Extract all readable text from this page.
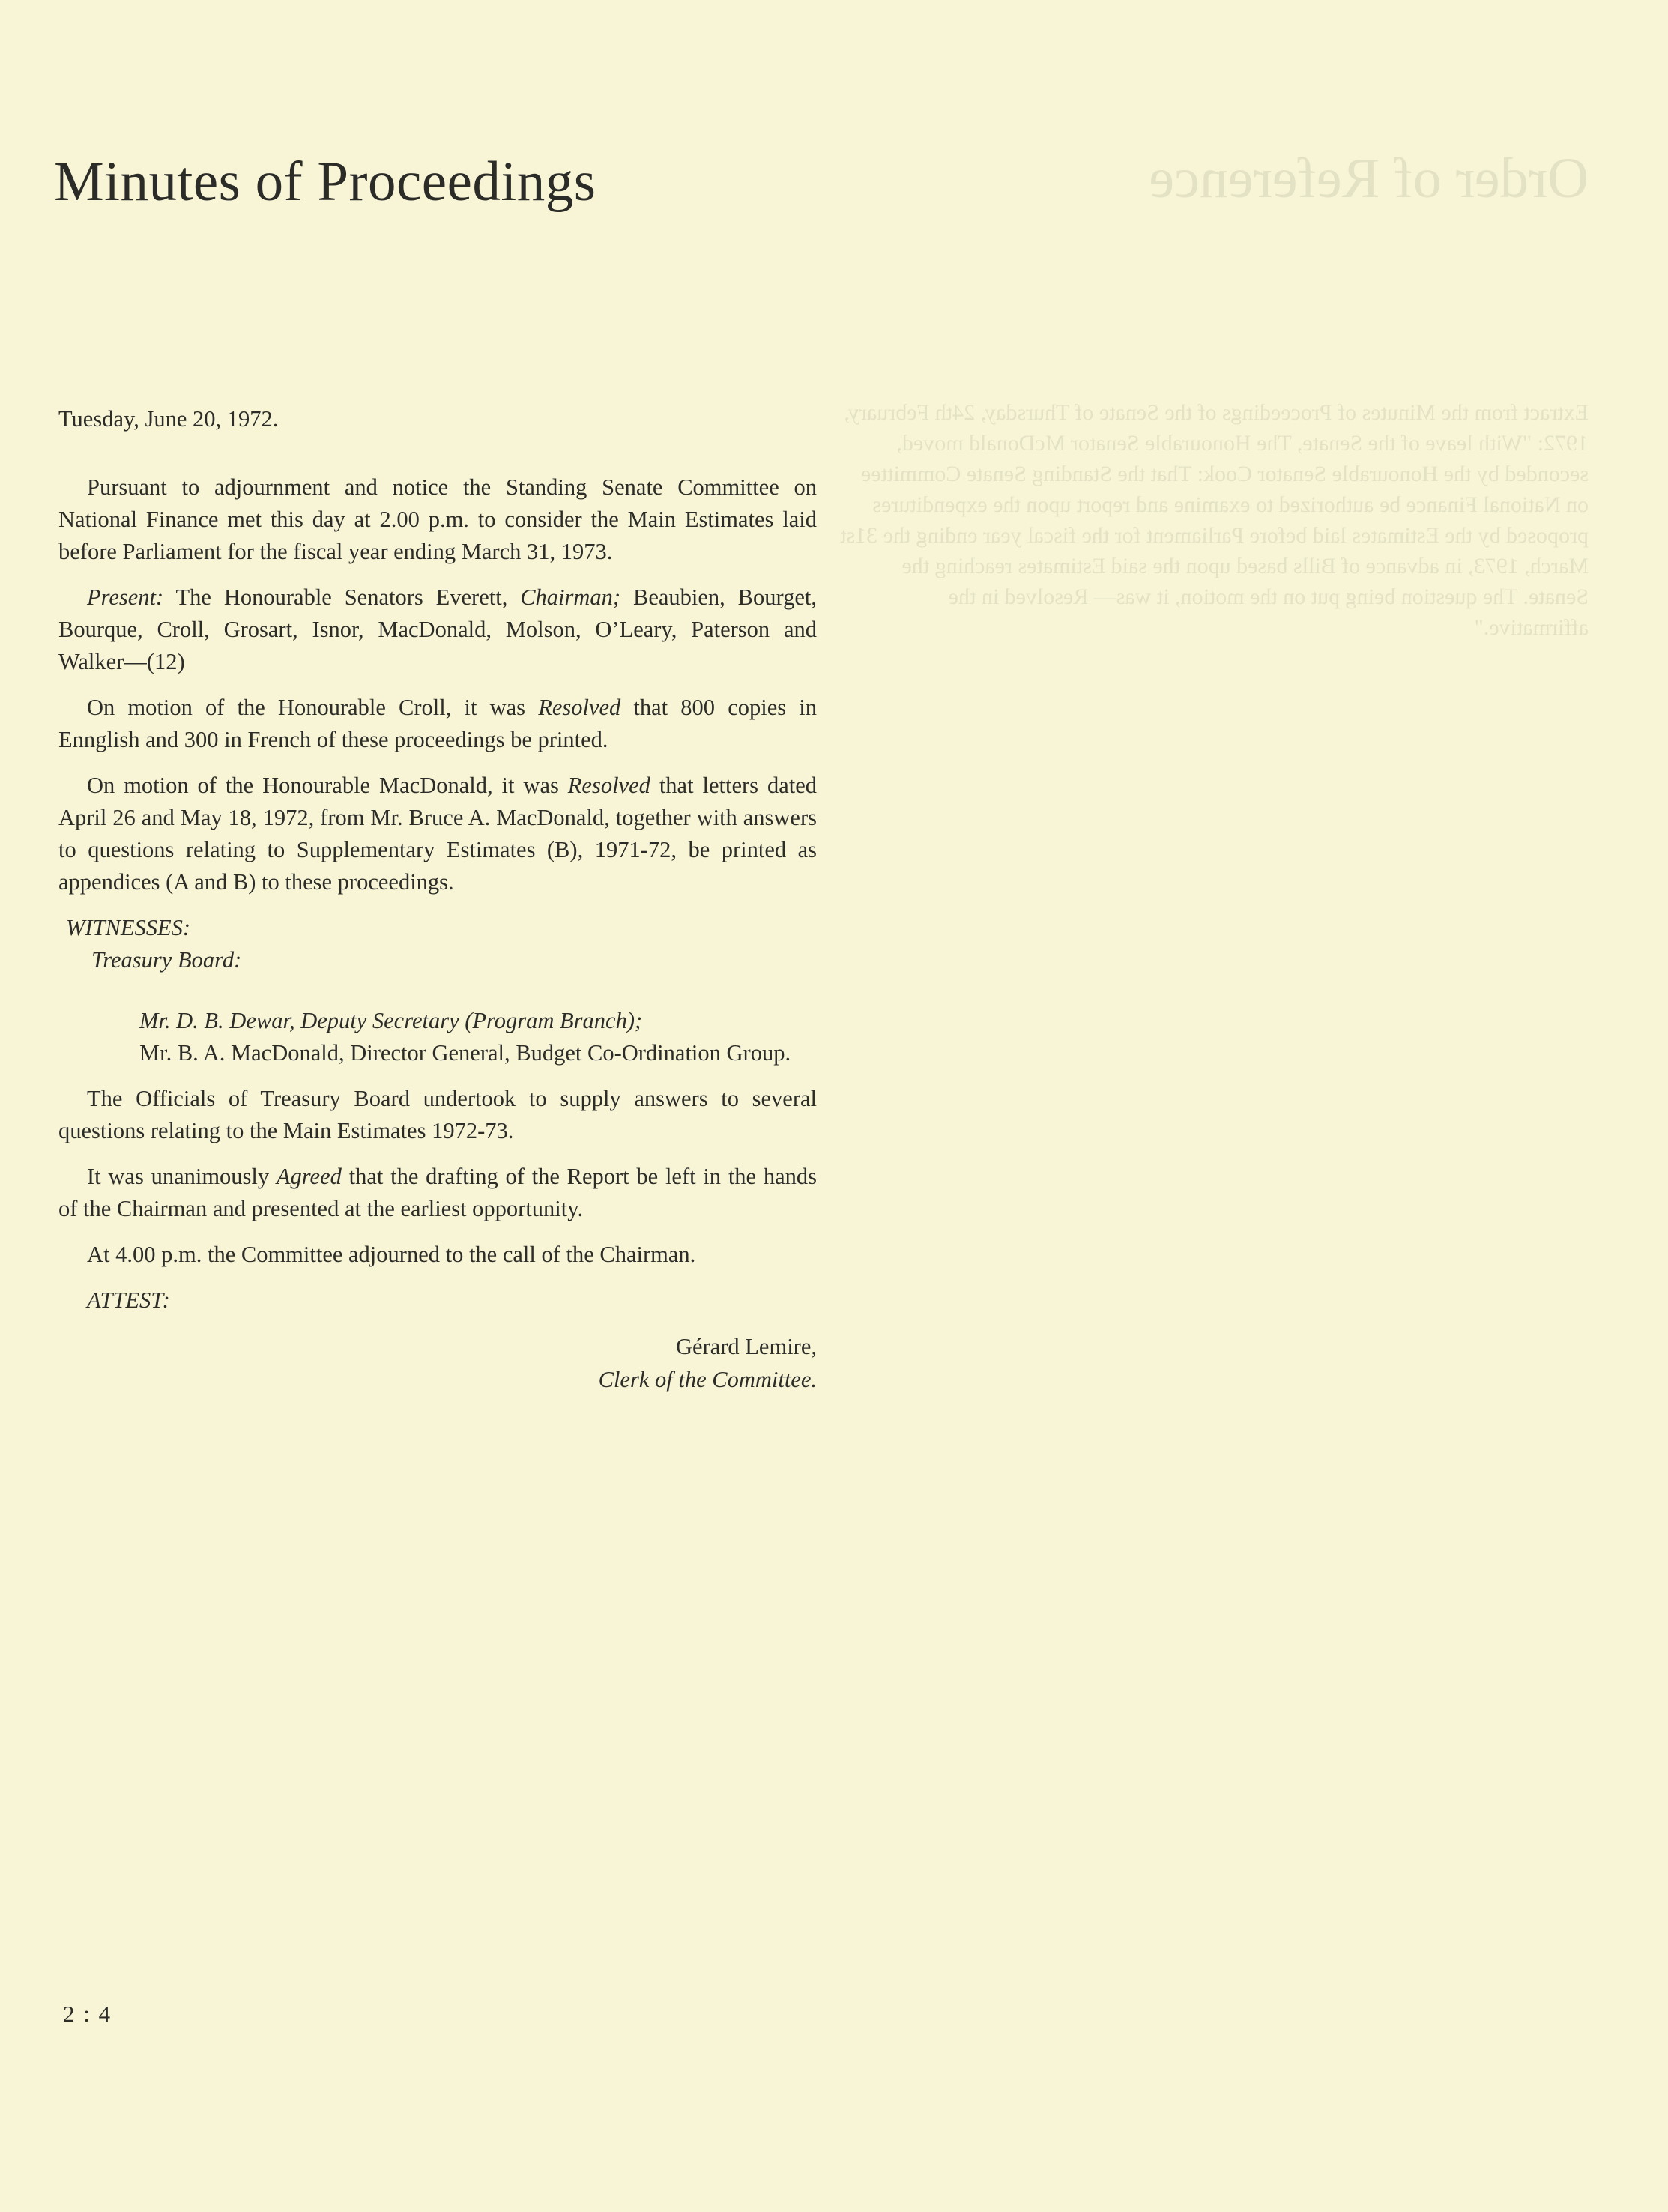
Order of Reference
Extract from the Minutes of Proceedings of the Senate of Thursday, 24th February, 1972: "With leave of the Senate, The Honourable Senator McDonald moved, seconded by the Honourable Senator Cook: That the Standing Senate Committee on National Finance be authorized to examine and report upon the expenditures proposed by the Estimates laid before Parliament for the fiscal year ending the 31st March, 1973, in advance of Bills based upon the said Estimates reaching the Senate. The question being put on the motion, it was— Resolved in the affirmative."
Minutes of Proceedings

Tuesday, June 20, 1972.

Pursuant to adjournment and notice the Standing Senate Committee on National Finance met this day at 2.00 p.m. to consider the Main Estimates laid before Parliament for the fiscal year ending March 31, 1973.

Present: The Honourable Senators Everett, Chairman; Beaubien, Bourget, Bourque, Croll, Grosart, Isnor, MacDonald, Molson, O’Leary, Paterson and Walker—(12)

On motion of the Honourable Croll, it was Resolved that 800 copies in Ennglish and 300 in French of these proceedings be printed.

On motion of the Honourable MacDonald, it was Resolved that letters dated April 26 and May 18, 1972, from Mr. Bruce A. MacDonald, together with answers to questions relating to Supplementary Estimates (B), 1971-72, be printed as appendices (A and B) to these proceedings.

WITNESSES:

Treasury Board:

Mr. D. B. Dewar, Deputy Secretary (Program Branch);
Mr. B. A. MacDonald, Director General, Budget Co-Ordination Group.

The Officials of Treasury Board undertook to supply answers to several questions relating to the Main Estimates 1972-73.

It was unanimously Agreed that the drafting of the Report be left in the hands of the Chairman and presented at the earliest opportunity.

At 4.00 p.m. the Committee adjourned to the call of the Chairman.

ATTEST:

Gérard Lemire,
Clerk of the Committee.
2 : 4
